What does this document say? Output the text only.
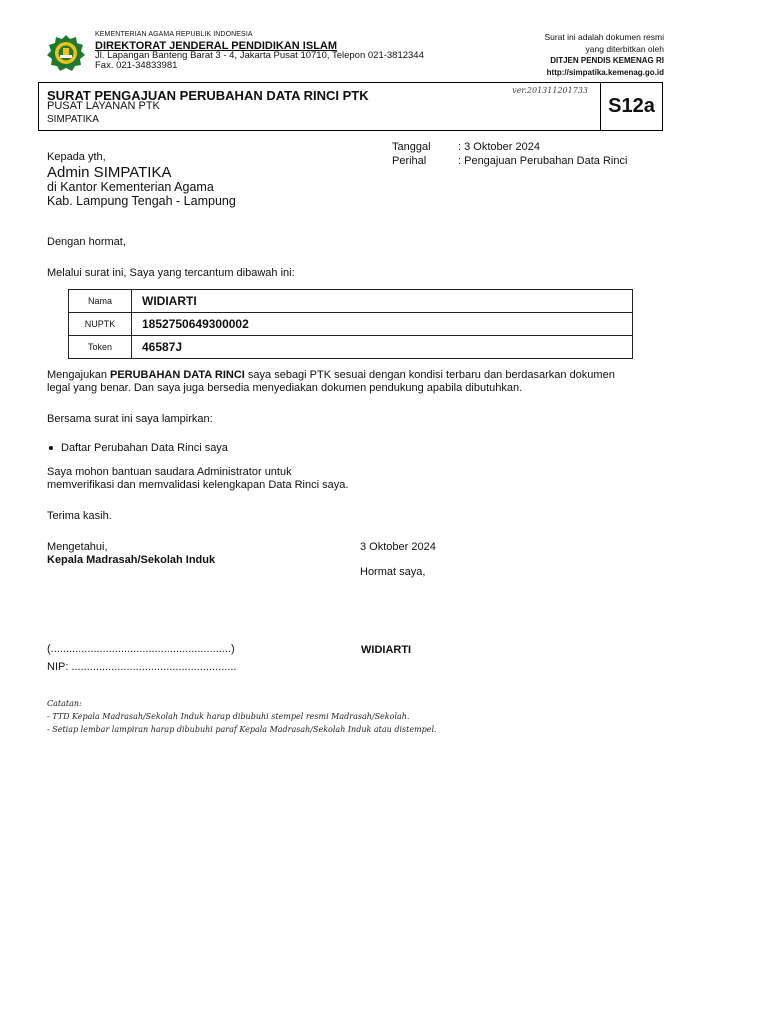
KEMENTERIAN AGAMA REPUBLIK INDONESIA
DIREKTORAT JENDERAL PENDIDIKAN ISLAM
Jl. Lapangan Banteng Barat 3 - 4, Jakarta Pusat 10710, Telepon 021-3812344
Fax. 021-34833981
Surat ini adalah dokumen resmi
yang diterbitkan oleh
DITJEN PENDIS KEMENAG RI
http://simpatika.kemenag.go.id
SURAT PENGAJUAN PERUBAHAN DATA RINCI PTK
PUSAT LAYANAN PTK
SIMPATIKA
ver.201311201733
S12a
Tanggal	: 3 Oktober 2024
Perihal	: Pengajuan Perubahan Data Rinci
Kepada yth,
Admin SIMPATIKA
di Kantor Kementerian Agama
Kab. Lampung Tengah - Lampung
Dengan hormat,
Melalui surat ini, Saya yang tercantum dibawah ini:
Nama	WIDIARTI
NUPTK	1852750649300002
Token	46587J
Mengajukan PERUBAHAN DATA RINCI saya sebagi PTK sesuai dengan kondisi terbaru dan berdasarkan dokumen
legal yang benar. Dan saya juga bersedia menyediakan dokumen pendukung apabila dibutuhkan.
Bersama surat ini saya lampirkan:
Daftar Perubahan Data Rinci saya
Saya mohon bantuan saudara Administrator untuk
memverifikasi dan memvalidasi kelengkapan Data Rinci saya.
Terima kasih.
Mengetahui,
Kepala Madrasah/Sekolah Induk
3 Oktober 2024
Hormat saya,
(...........................................................)
NIP: ......................................................
WIDIARTI
Catatan:
- TTD Kepala Madrasah/Sekolah Induk harap dibubuhi stempel resmi Madrasah/Sekolah.
- Setiap lembar lampiran harap dibubuhi paraf Kepala Madrasah/Sekolah Induk atau distempel.
